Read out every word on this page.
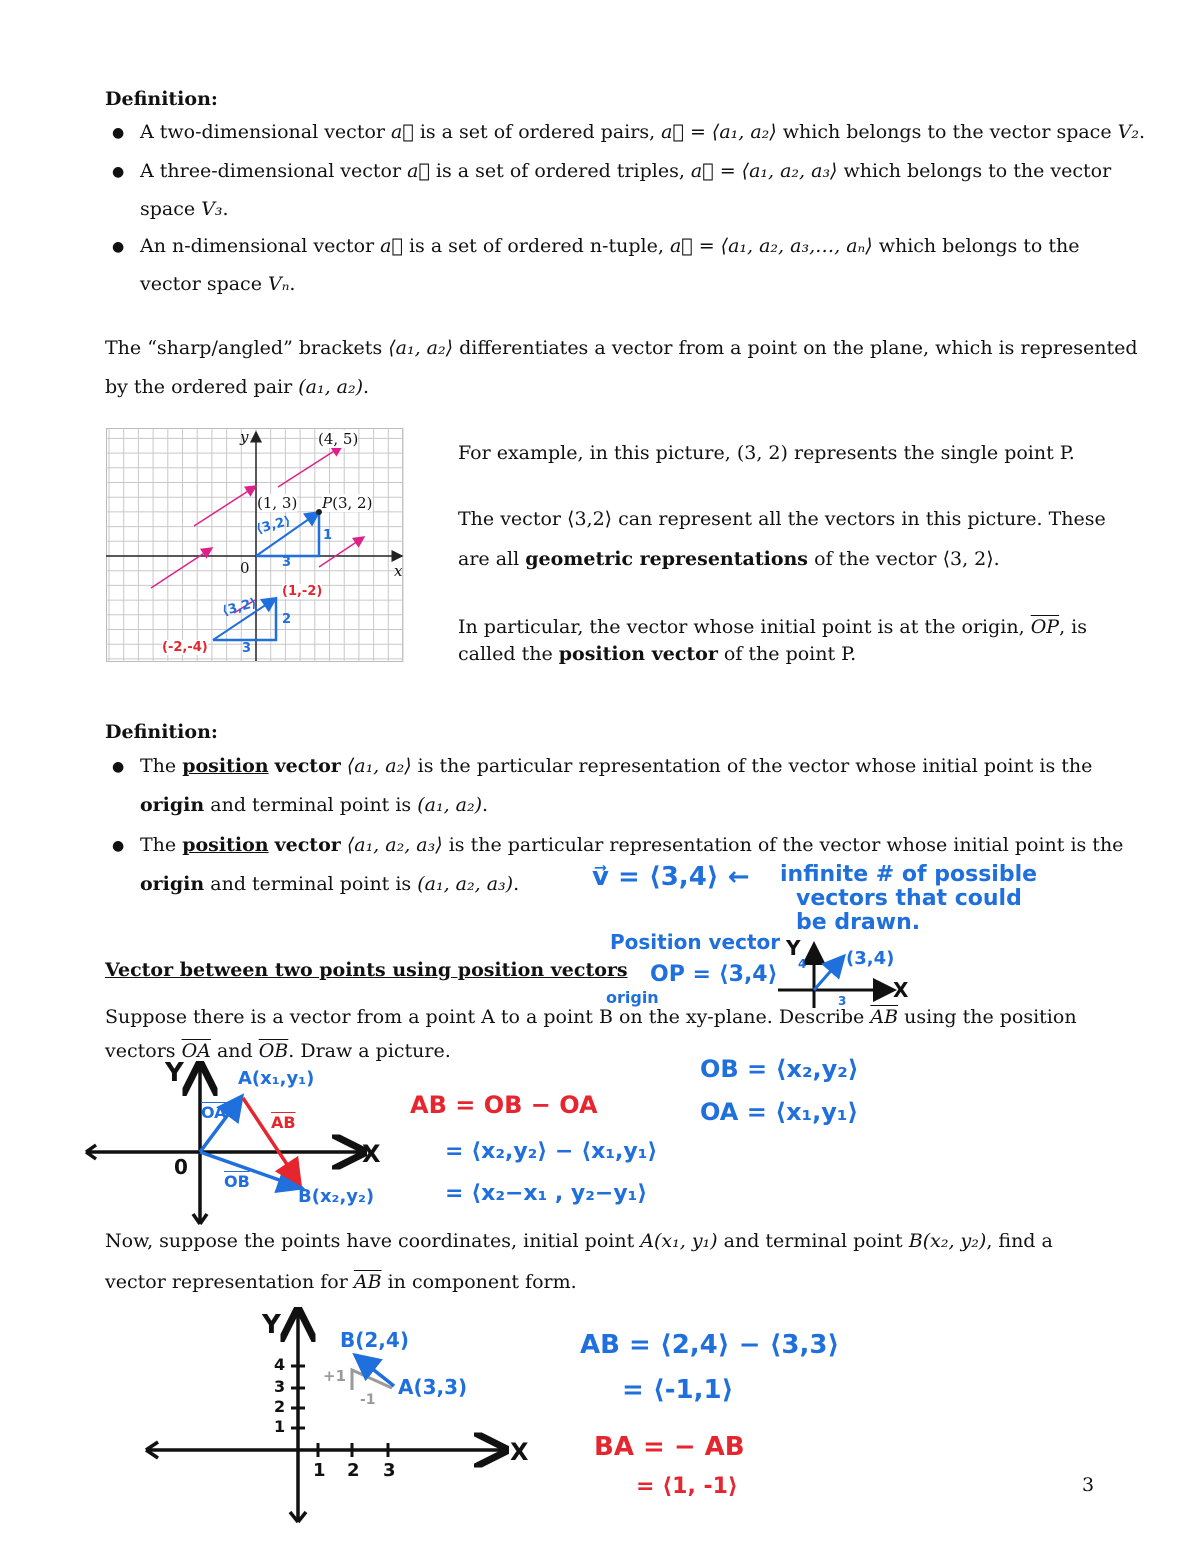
Definition:
● A two-dimensional vector a⃗ is a set of ordered pairs, a⃗ = ⟨a₁, a₂⟩ which belongs to the vector space V₂.
● A three-dimensional vector a⃗ is a set of ordered triples, a⃗ = ⟨a₁, a₂, a₃⟩ which belongs to the vector
space V₃.
● An n-dimensional vector a⃗ is a set of ordered n-tuple, a⃗ = ⟨a₁, a₂, a₃,…, aₙ⟩ which belongs to the
vector space Vₙ.
The “sharp/angled” brackets ⟨a₁, a₂⟩ differentiates a vector from a point on the plane, which is represented
by the ordered pair (a₁, a₂).
y
x
0
(4, 5)
(1, 3) P(3, 2)
⟨3,2⟩ 1
3
(1,-2)
⟨3,2⟩
2
(-2,-4)	3
For example, in this picture, (3, 2) represents the single point P.
The vector ⟨3,2⟩ can represent all the vectors in this picture. These
are all geometric representations of the vector ⟨3, 2⟩.
In particular, the vector whose initial point is at the origin, $\overline{OP}$, is
called the position vector of the point P.
Definition:
● The position vector ⟨a₁, a₂⟩ is the particular representation of the vector whose initial point is the
origin and terminal point is (a₁, a₂).
● The position vector ⟨a₁, a₂, a₃⟩ is the particular representation of the vector whose initial point is the
origin and terminal point is (a₁, a₂, a₃).	v⃗ = ⟨3,4⟩ ← infinite # of possible
vectors that could
be drawn.
Position vector
OP = ⟨3,4⟩
origin
Y
X
(3,4)
4
3
Vector between two points using position vectors
Suppose there is a vector from a point A to a point B on the xy-plane. Describe $\overline{AB}$ using the position
vectors $\overline{OA}$ and $\overline{OB}$. Draw a picture.
Y
X
0
A(x₁,y₁)
B(x₂,y₂)
$\overline{OA}$
$\overline{OB}$
$\overline{AB}$
AB = OB − OA
= ⟨x₂,y₂⟩ − ⟨x₁,y₁⟩
= ⟨x₂−x₁ , y₂−y₁⟩
OB = ⟨x₂,y₂⟩
OA = ⟨x₁,y₁⟩
Now, suppose the points have coordinates, initial point A(x₁, y₁) and terminal point B(x₂, y₂), find a
vector representation for $\overline{AB}$ in component form.
Y
X
1 2 3
1
2
3
4
B(2,4)
A(3,3)
+1
-1
AB = ⟨2,4⟩ − ⟨3,3⟩
= ⟨-1,1⟩
BA = − AB
= ⟨1, -1⟩	3
